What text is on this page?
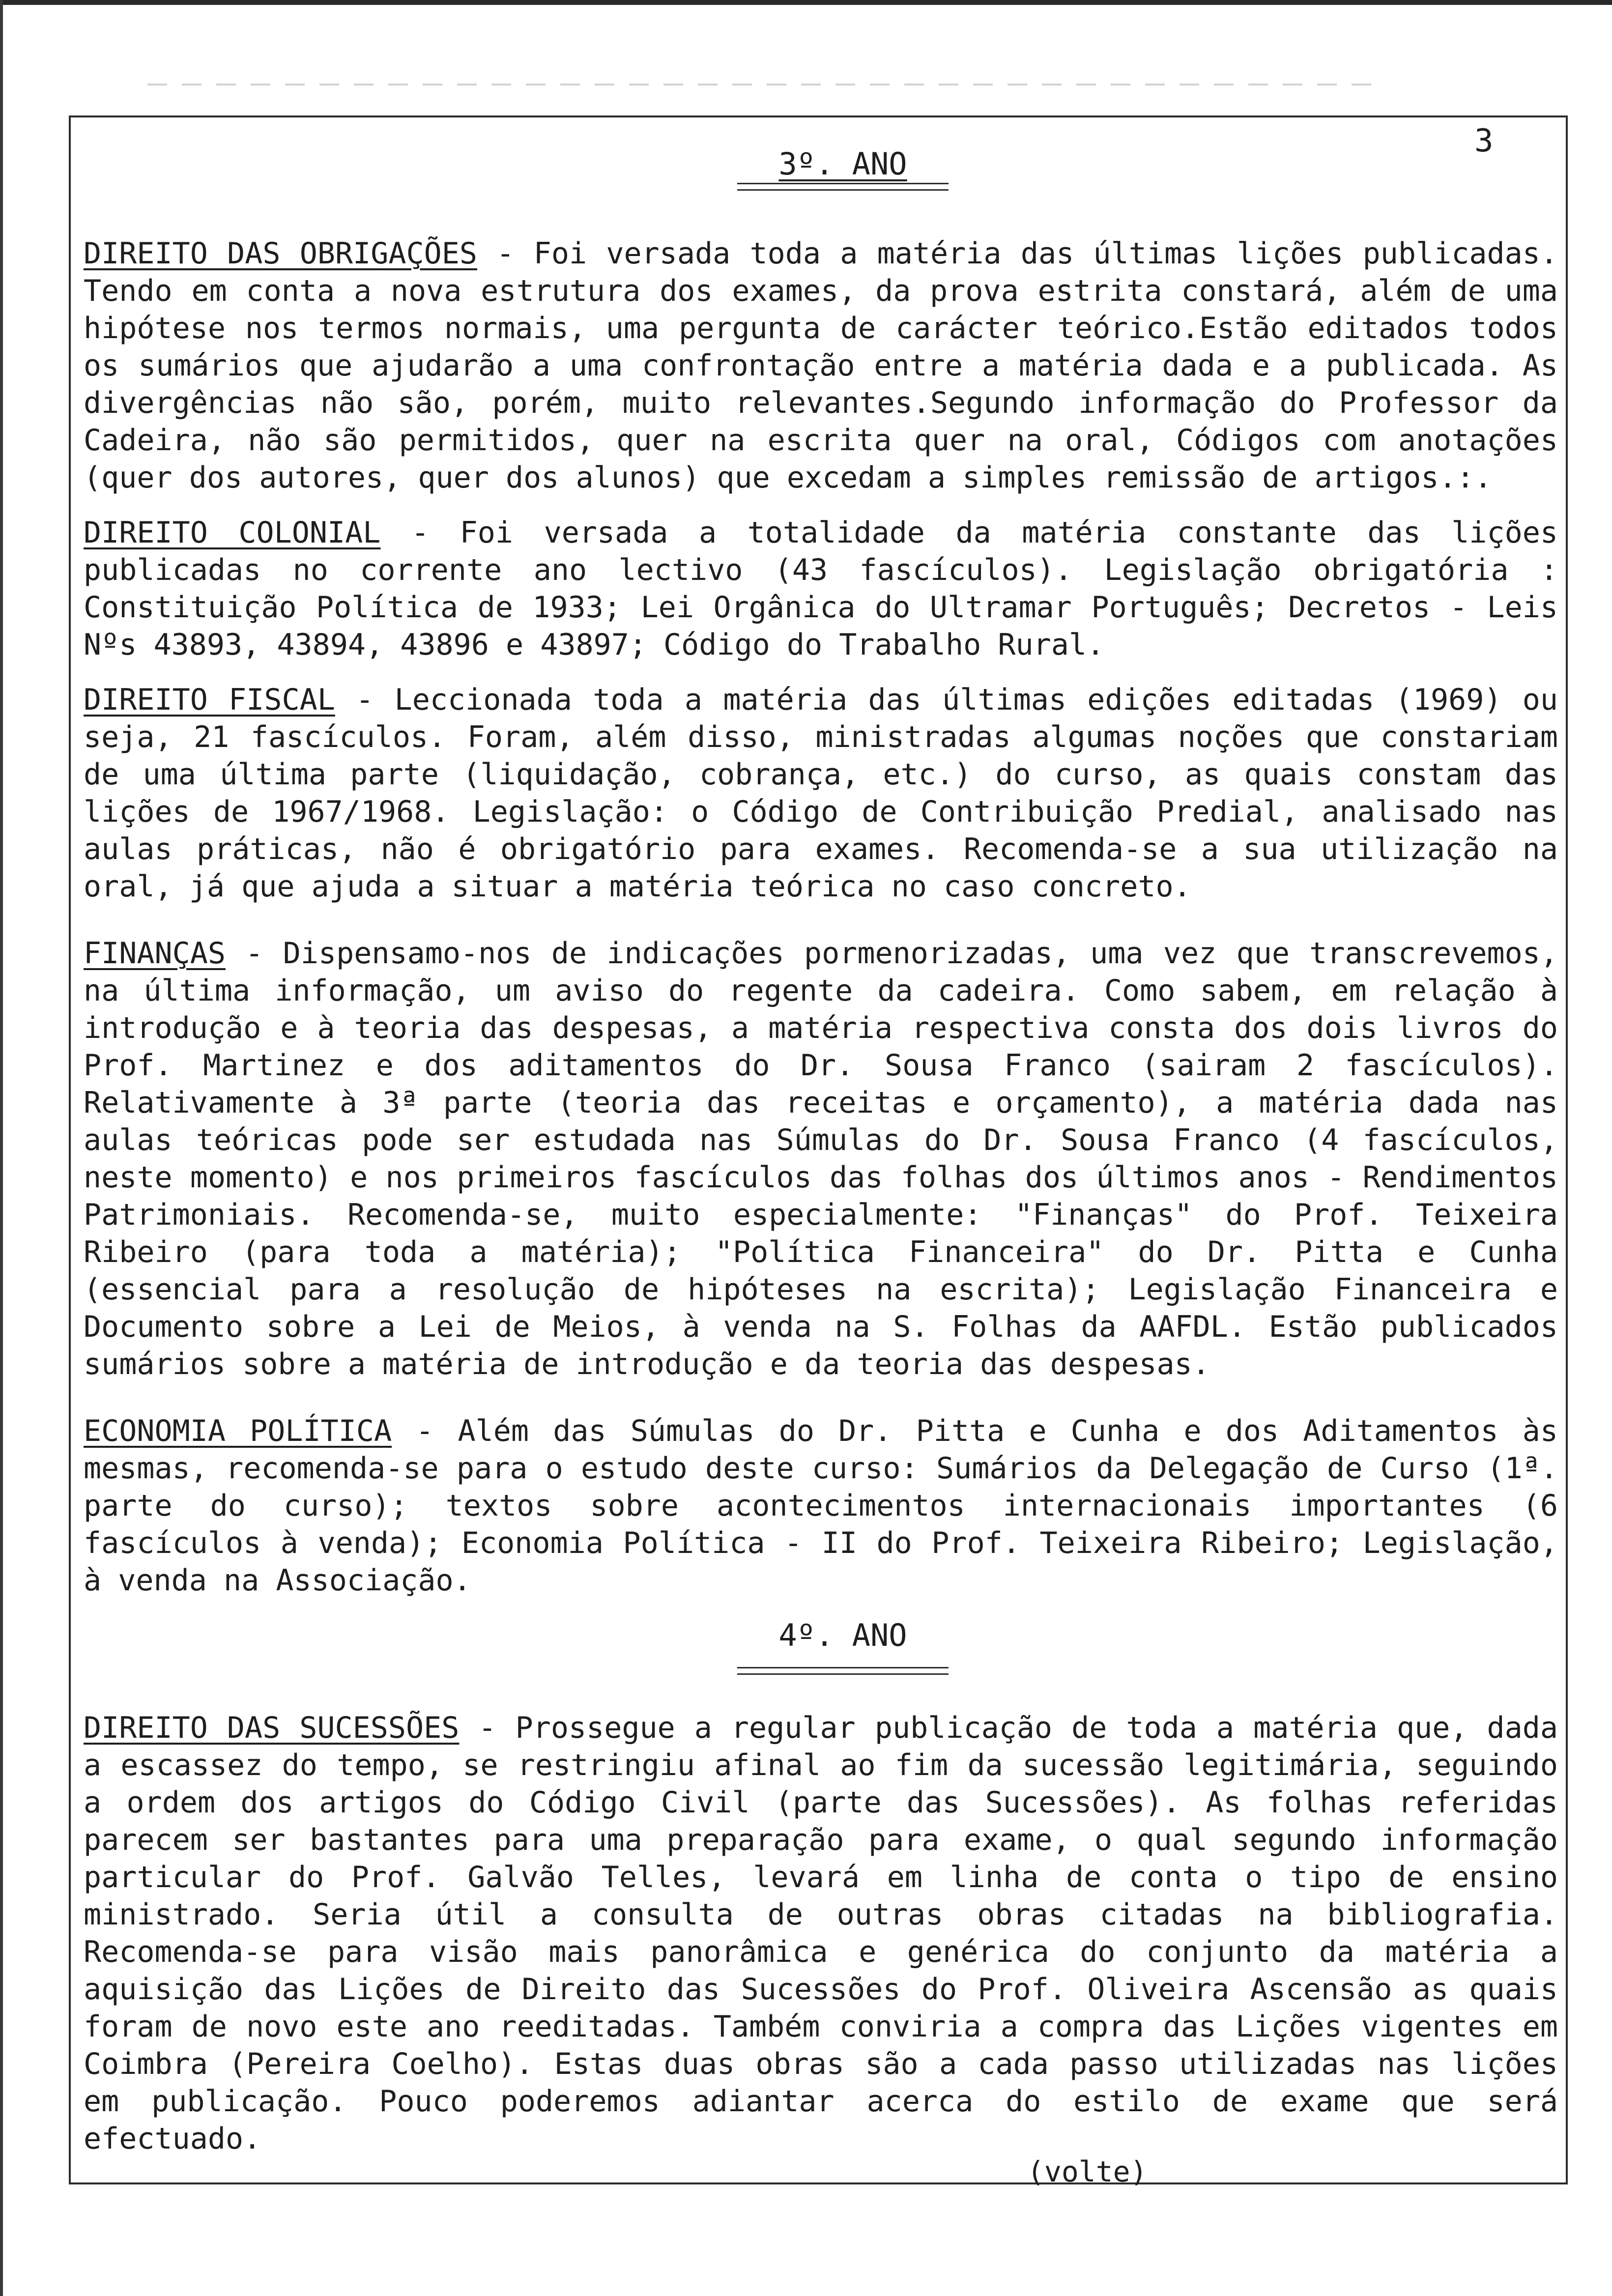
3
3º. ANO

DIREITO DAS OBRIGAÇÕES - Foi versada toda a matéria das últimas lições publicadas. Tendo em conta a nova estrutura dos exames, da prova estrita constará, além de uma hipótese nos termos normais, uma pergunta de carácter teórico.Estão editados todos os sumários que ajudarão a uma confrontação entre a matéria dada e a publicada. As divergências não são, porém, muito relevantes.Segundo informação do Professor da Cadeira, não são permitidos, quer na escrita quer na oral, Códigos com anotações (quer dos autores, quer dos alunos) que excedam a simples remissão de artigos.:.

DIREITO COLONIAL - Foi versada a totalidade da matéria constante das lições publicadas no corrente ano lectivo (43 fascículos). Legislação obrigatória : Constituição Política de 1933; Lei Orgânica do Ultramar Português; Decretos - Leis Nºs 43893, 43894, 43896 e 43897; Código do Trabalho Rural.

DIREITO FISCAL - Leccionada toda a matéria das últimas edições editadas (1969) ou seja, 21 fascículos. Foram, além disso, ministradas algumas noções que constariam de uma última parte (liquidação, cobrança, etc.) do curso, as quais constam das lições de 1967/1968. Legislação: o Código de Contribuição Predial, analisado nas aulas práticas, não é obrigatório para exames. Recomenda-se a sua utilização na oral, já que ajuda a situar a matéria teórica no caso concreto.

FINANÇAS - Dispensamo-nos de indicações pormenorizadas, uma vez que transcrevemos, na última informação, um aviso do regente da cadeira. Como sabem, em relação à introdução e à teoria das despesas, a matéria respectiva consta dos dois livros do Prof. Martinez e dos aditamentos do Dr. Sousa Franco (sairam 2 fascículos). Relativamente à 3ª parte (teoria das receitas e orçamento), a matéria dada nas aulas teóricas pode ser estudada nas Súmulas do Dr. Sousa Franco (4 fascículos, neste momento) e nos primeiros fascículos das folhas dos últimos anos - Rendimentos Patrimoniais. Recomenda-se, muito especialmente: "Finanças" do Prof. Teixeira Ribeiro (para toda a matéria); "Política Financeira" do Dr. Pitta e Cunha (essencial para a resolução de hipóteses na escrita); Legislação Financeira e Documento sobre a Lei de Meios, à venda na S. Folhas da AAFDL. Estão publicados sumários sobre a matéria de introdução e da teoria das despesas.

ECONOMIA POLÍTICA - Além das Súmulas do Dr. Pitta e Cunha e dos Aditamentos às mesmas, recomenda-se para o estudo deste curso: Sumários da Delegação de Curso (1ª. parte do curso); textos sobre acontecimentos internacionais importantes (6 fascículos à venda); Economia Política - II do Prof. Teixeira Ribeiro; Legislação, à venda na Associação.

4º. ANO

DIREITO DAS SUCESSÕES - Prossegue a regular publicação de toda a matéria que, dada a escassez do tempo, se restringiu afinal ao fim da sucessão legitimária, seguindo a ordem dos artigos do Código Civil (parte das Sucessões). As folhas referidas parecem ser bastantes para uma preparação para exame, o qual segundo informação particular do Prof. Galvão Telles, levará em linha de conta o tipo de ensino ministrado. Seria útil a consulta de outras obras citadas na bibliografia. Recomenda-se para visão mais panorâmica e genérica do conjunto da matéria a aquisição das Lições de Direito das Sucessões do Prof. Oliveira Ascensão as quais foram de novo este ano reeditadas. Também conviria a compra das Lições vigentes em Coimbra (Pereira Coelho). Estas duas obras são a cada passo utilizadas nas lições em publicação. Pouco poderemos adiantar acerca do estilo de exame que será efectuado.

(volte)
